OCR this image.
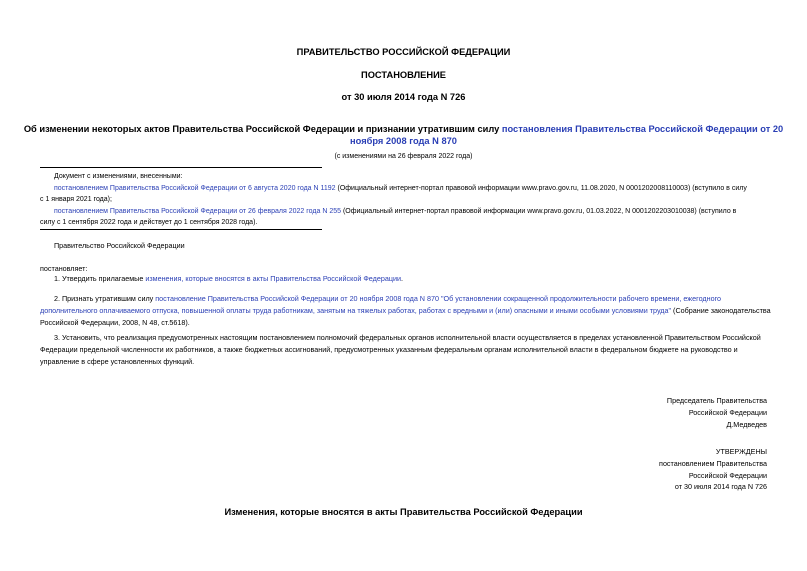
ПРАВИТЕЛЬСТВО РОССИЙСКОЙ ФЕДЕРАЦИИ
ПОСТАНОВЛЕНИЕ
от 30 июля 2014 года N 726
Об изменении некоторых актов Правительства Российской Федерации и признании утратившим силу постановления Правительства Российской Федерации от 20
ноября 2008 года N 870
(с изменениями на 26 февраля 2022 года)
Документ с изменениями, внесенными:
постановлением Правительства Российской Федерации от 6 августа 2020 года N 1192 (Официальный интернет-портал правовой информации www.pravo.gov.ru, 11.08.2020, N 0001202008110003) (вступило в силу
с 1 января 2021 года);
постановлением Правительства Российской Федерации от 26 февраля 2022 года N 255 (Официальный интернет-портал правовой информации www.pravo.gov.ru, 01.03.2022, N 0001202203010038) (вступило в
силу с 1 сентября 2022 года и действует до 1 сентября 2028 года).
Правительство Российской Федерации
постановляет:
1. Утвердить прилагаемые изменения, которые вносятся в акты Правительства Российской Федерации.
2. Признать утратившим силу постановление Правительства Российской Федерации от 20 ноября 2008 года N 870 "Об установлении сокращенной продолжительности рабочего времени, ежегодного
дополнительного оплачиваемого отпуска, повышенной оплаты труда работникам, занятым на тяжелых работах, работах с вредными и (или) опасными и иными особыми условиями труда" (Собрание законодательства
Российской Федерации, 2008, N 48, ст.5618).
3. Установить, что реализация предусмотренных настоящим постановлением полномочий федеральных органов исполнительной власти осуществляется в пределах установленной Правительством Российской
Федерации предельной численности их работников, а также бюджетных ассигнований, предусмотренных указанным федеральным органам исполнительной власти в федеральном бюджете на руководство и
управление в сфере установленных функций.
Председатель Правительства
Российской Федерации
Д.Медведев
УТВЕРЖДЕНЫ
постановлением Правительства
Российской Федерации
от 30 июля 2014 года N 726
Изменения, которые вносятся в акты Правительства Российской Федерации
